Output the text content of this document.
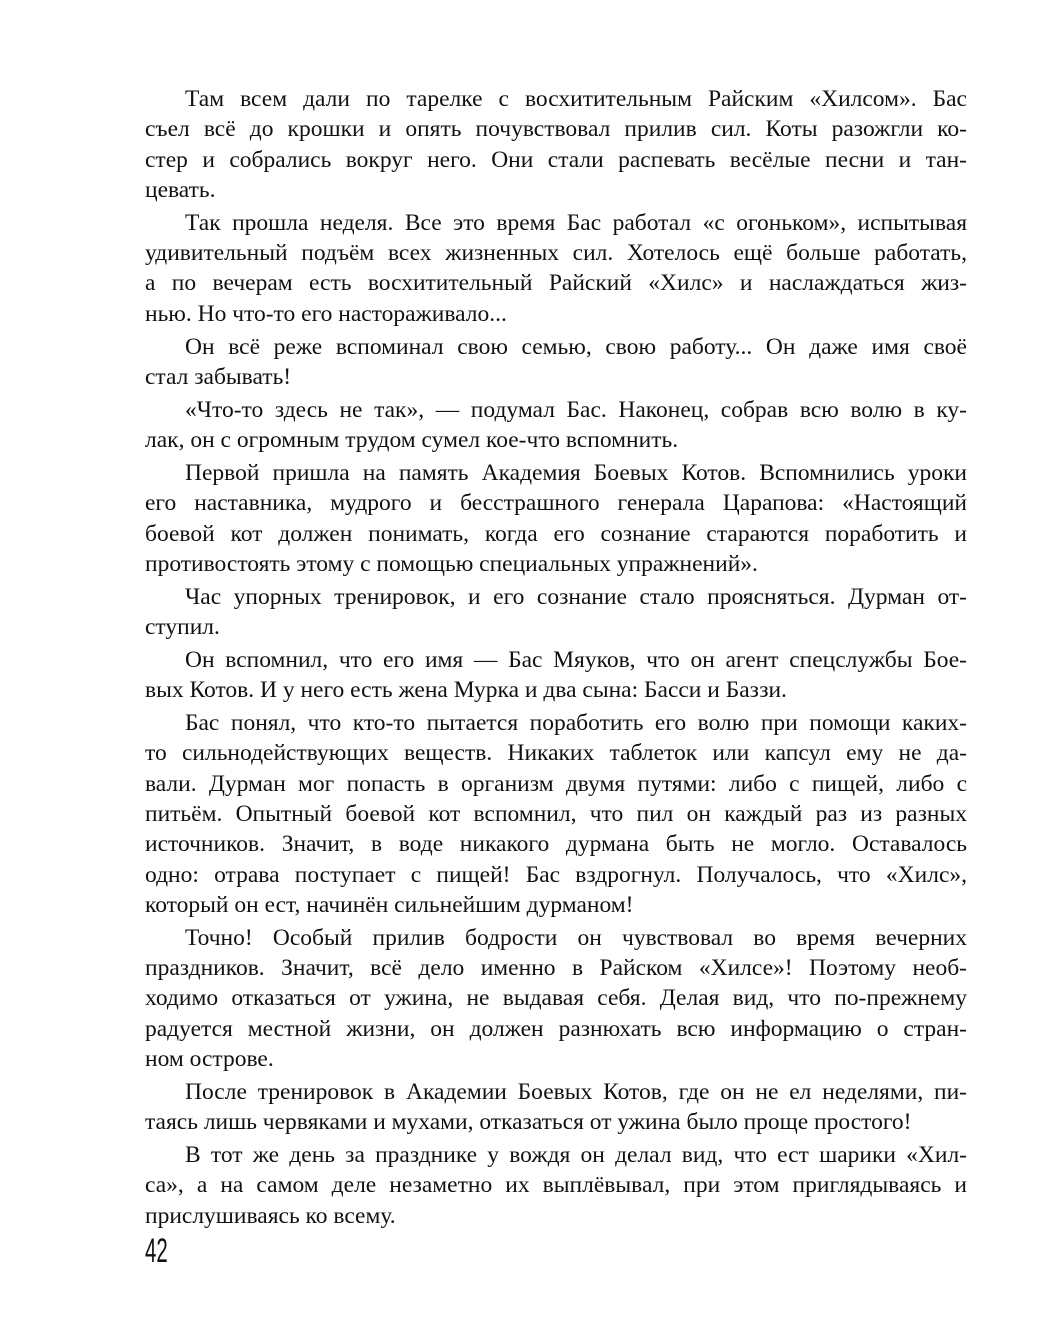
Там всем дали по тарелке с восхитительным Райским «Хилсом». Бас
съел всё до крошки и опять почувствовал прилив сил. Коты разожгли ко-
стер и собрались вокруг него. Они стали распевать весёлые песни и тан-
цевать.
Так прошла неделя. Все это время Бас работал «с огоньком», испытывая
удивительный подъём всех жизненных сил. Хотелось ещё больше работать,
а по вечерам есть восхитительный Райский «Хилс» и наслаждаться жиз-
нью. Но что-то его настораживало...
Он всё реже вспоминал свою семью, свою работу... Он даже имя своё
стал забывать!
«Что-то здесь не так», — подумал Бас. Наконец, собрав всю волю в ку-
лак, он с огромным трудом сумел кое-что вспомнить.
Первой пришла на память Академия Боевых Котов. Вспомнились уроки
его наставника, мудрого и бесстрашного генерала Царапова: «Настоящий
боевой кот должен понимать, когда его сознание стараются поработить и
противостоять этому с помощью специальных упражнений».
Час упорных тренировок, и его сознание стало проясняться. Дурман от-
ступил.
Он вспомнил, что его имя — Бас Мяуков, что он агент спецслужбы Бое-
вых Котов. И у него есть жена Мурка и два сына: Басси и Баззи.
Бас понял, что кто-то пытается поработить его волю при помощи каких-
то сильнодействующих веществ. Никаких таблеток или капсул ему не да-
вали. Дурман мог попасть в организм двумя путями: либо с пищей, либо с
питьём. Опытный боевой кот вспомнил, что пил он каждый раз из разных
источников. Значит, в воде никакого дурмана быть не могло. Оставалось
одно: отрава поступает с пищей! Бас вздрогнул. Получалось, что «Хилс»,
который он ест, начинён сильнейшим дурманом!
Точно! Особый прилив бодрости он чувствовал во время вечерних
праздников. Значит, всё дело именно в Райском «Хилсе»! Поэтому необ-
ходимо отказаться от ужина, не выдавая себя. Делая вид, что по-прежнему
радуется местной жизни, он должен разнюхать всю информацию о стран-
ном острове.
После тренировок в Академии Боевых Котов, где он не ел неделями, пи-
таясь лишь червяками и мухами, отказаться от ужина было проще простого!
В тот же день за празднике у вождя он делал вид, что ест шарики «Хил-
са», а на самом деле незаметно их выплёвывал, при этом приглядываясь и
прислушиваясь ко всему.
42
